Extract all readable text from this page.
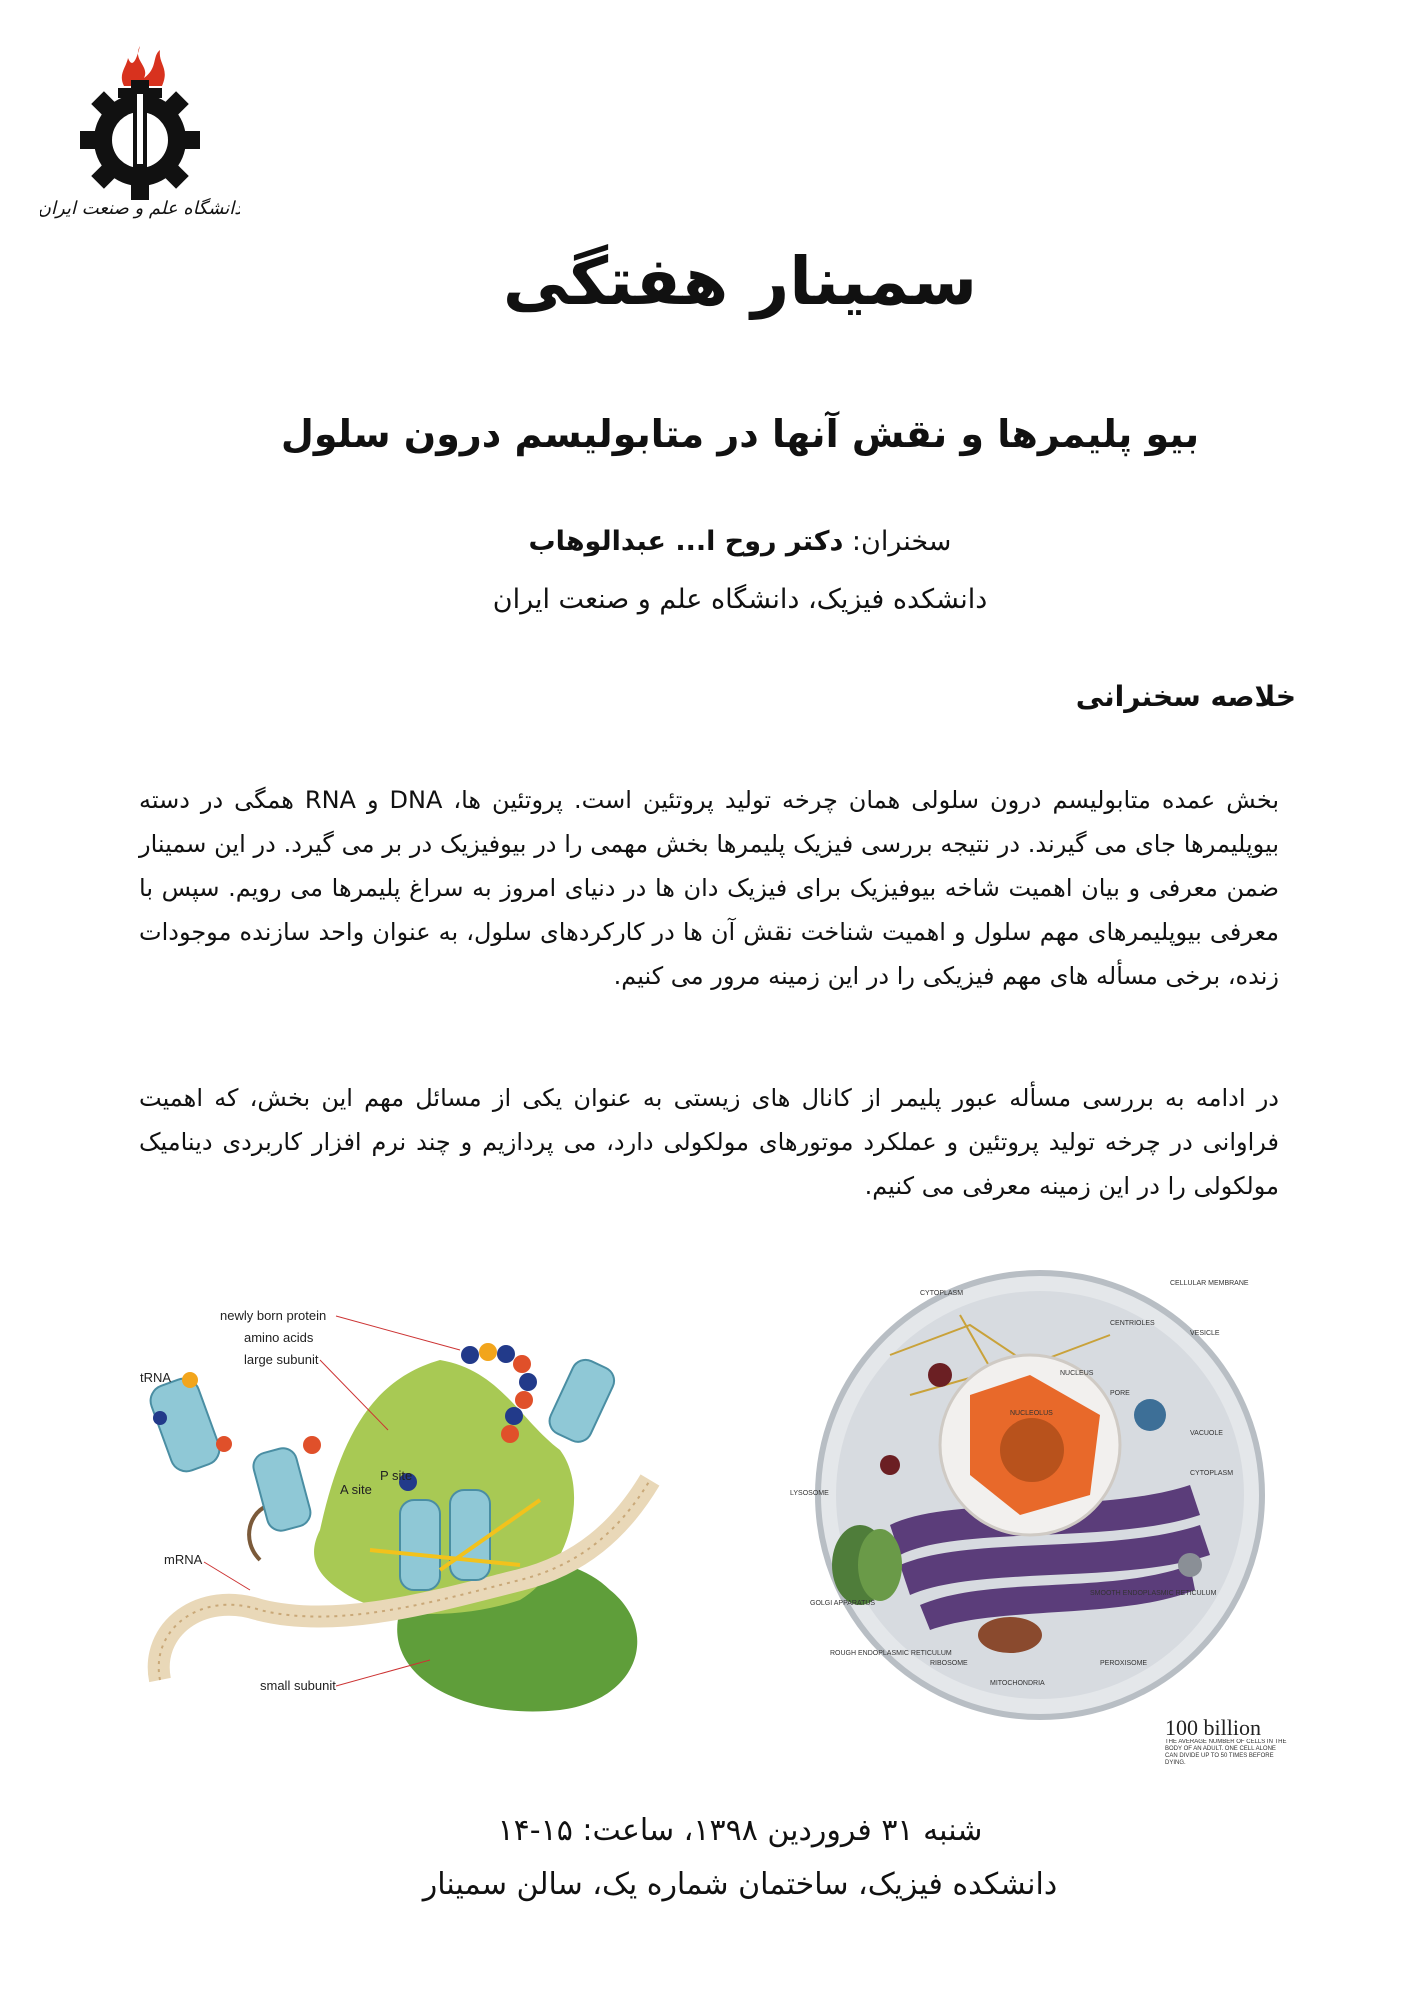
دانشگاه علم و صنعت ایران
سمینار هفتگی
بیو پلیمرها و نقش آنها در متابولیسم درون سلول
سخنران: دکتر روح ا... عبدالوهاب
دانشکده فیزیک، دانشگاه علم و صنعت ایران
خلاصه سخنرانی
بخش عمده متابولیسم درون سلولی همان چرخه تولید پروتئین است. پروتئین ها، DNA و RNA همگی در دسته بیوپلیمرها جای می گیرند. در نتیجه بررسی فیزیک پلیمرها بخش مهمی را در بیوفیزیک در بر می گیرد. در این سمینار ضمن معرفی و بیان اهمیت شاخه بیوفیزیک برای فیزیک دان ها در دنیای امروز به سراغ پلیمرها می رویم. سپس با معرفی بیوپلیمرهای مهم سلول و اهمیت شناخت نقش آن ها در کارکردهای سلول، به عنوان واحد سازنده موجودات زنده، برخی مسأله های مهم فیزیکی را در این زمینه مرور می کنیم.
در ادامه به بررسی مسأله عبور پلیمر از کانال های زیستی به عنوان یکی از مسائل مهم این بخش، که اهمیت فراوانی در چرخه تولید پروتئین و عملکرد موتورهای مولکولی دارد، می پردازیم و چند نرم افزار کاربردی دینامیک مولکولی را در این زمینه معرفی می کنیم.
newly born protein
amino acids
large subunit
tRNA
P site
A site
mRNA
small subunit
CYTOPLASM
CELLULAR MEMBRANE
CENTRIOLES
VESICLE
NUCLEUS
PORE
VACUOLE
CYTOPLASM
NUCLEOLUS
LYSOSOME
SMOOTH ENDOPLASMIC RETICULUM
GOLGI APPARATUS
ROUGH ENDOPLASMIC RETICULUM
RIBOSOME
MITOCHONDRIA
PEROXISOME
100 billion
THE AVERAGE NUMBER OF CELLS IN THE BODY OF AN ADULT. ONE CELL ALONE CAN DIVIDE UP TO 50 TIMES BEFORE DYING.
شنبه ۳۱ فروردین ۱۳۹۸، ساعت: ۱۵-۱۴
دانشکده فیزیک، ساختمان شماره یک، سالن سمینار
